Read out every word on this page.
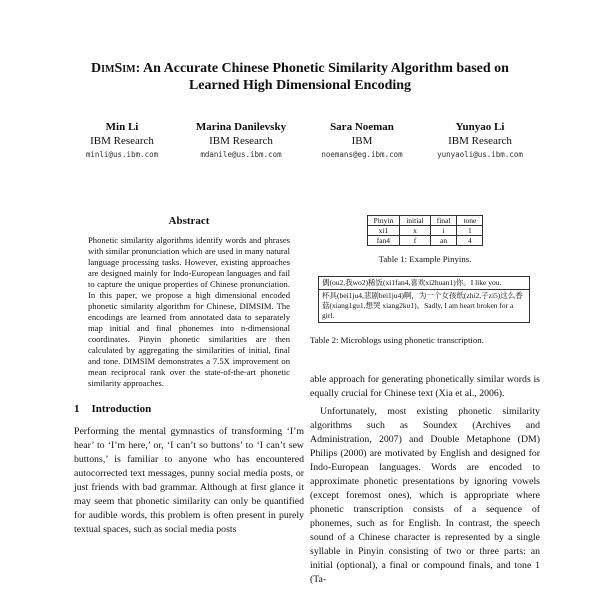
DimSim: An Accurate Chinese Phonetic Similarity Algorithm based on
Learned High Dimensional Encoding
Min Li
IBM Research
minli@us.ibm.com
Marina Danilevsky
IBM Research
mdanile@us.ibm.com
Sara Noeman
IBM
noemans@eg.ibm.com
Yunyao Li
IBM Research
yunyaoli@us.ibm.com
Abstract
Phonetic similarity algorithms identify words and phrases with similar pronunciation which are used in many natural language processing tasks. However, existing approaches are designed mainly for Indo-European languages and fail to capture the unique properties of Chinese pronunciation. In this paper, we propose a high dimensional encoded phonetic similarity algorithm for Chinese, DIMSIM. The encodings are learned from annotated data to separately map initial and final phonemes into n-dimensional coordinates. Pinyin phonetic similarities are then calculated by aggregating the similarities of initial, final and tone. DIMSIM demonstrates a 7.5X improvement on mean reciprocal rank over the state-of-the-art phonetic similarity approaches.
1 Introduction
Performing the mental gymnastics of transforming ‘I’m hear’ to ‘I’m here,’ or, ‘I can’t so buttons’ to ‘I can’t sew buttons,’ is familiar to anyone who has encountered autocorrected text messages, punny social media posts, or just friends with bad grammar. Although at first glance it may seem that phonetic similarity can only be quantified for audible words, this problem is often present in purely textual spaces, such as social media posts
Pinyin	initial	final	tone
xi1	x	i	1
fan4	f	an	4
Table 1: Example Pinyins.
偶(ou2,我wo2)稀饭(xi1fan4,喜欢xi2huan1)你。I like you.
杯具(bei1ju4,悲剧bei1ju4)啊，为一个女孩纸(zhi2,子zi5)这么香菇(xiang1gu1,想哭 xiang2ku1)。Sadly, I am heart broken for a girl.
Table 2: Microblogs using phonetic transcription.

able approach for generating phonetically similar words is equally crucial for Chinese text (Xia et al., 2006).

Unfortunately, most existing phonetic similarity algorithms such as Soundex (Archives and Administration, 2007) and Double Metaphone (DM) Philips (2000) are motivated by English and designed for Indo-European languages. Words are encoded to approximate phonetic presentations by ignoring vowels (except foremost ones), which is appropriate where phonetic transcription consists of a sequence of phonemes, such as for English. In contrast, the speech sound of a Chinese character is represented by a single syllable in Pinyin consisting of two or three parts: an initial (optional), a final or compound finals, and tone 1 (Ta-
